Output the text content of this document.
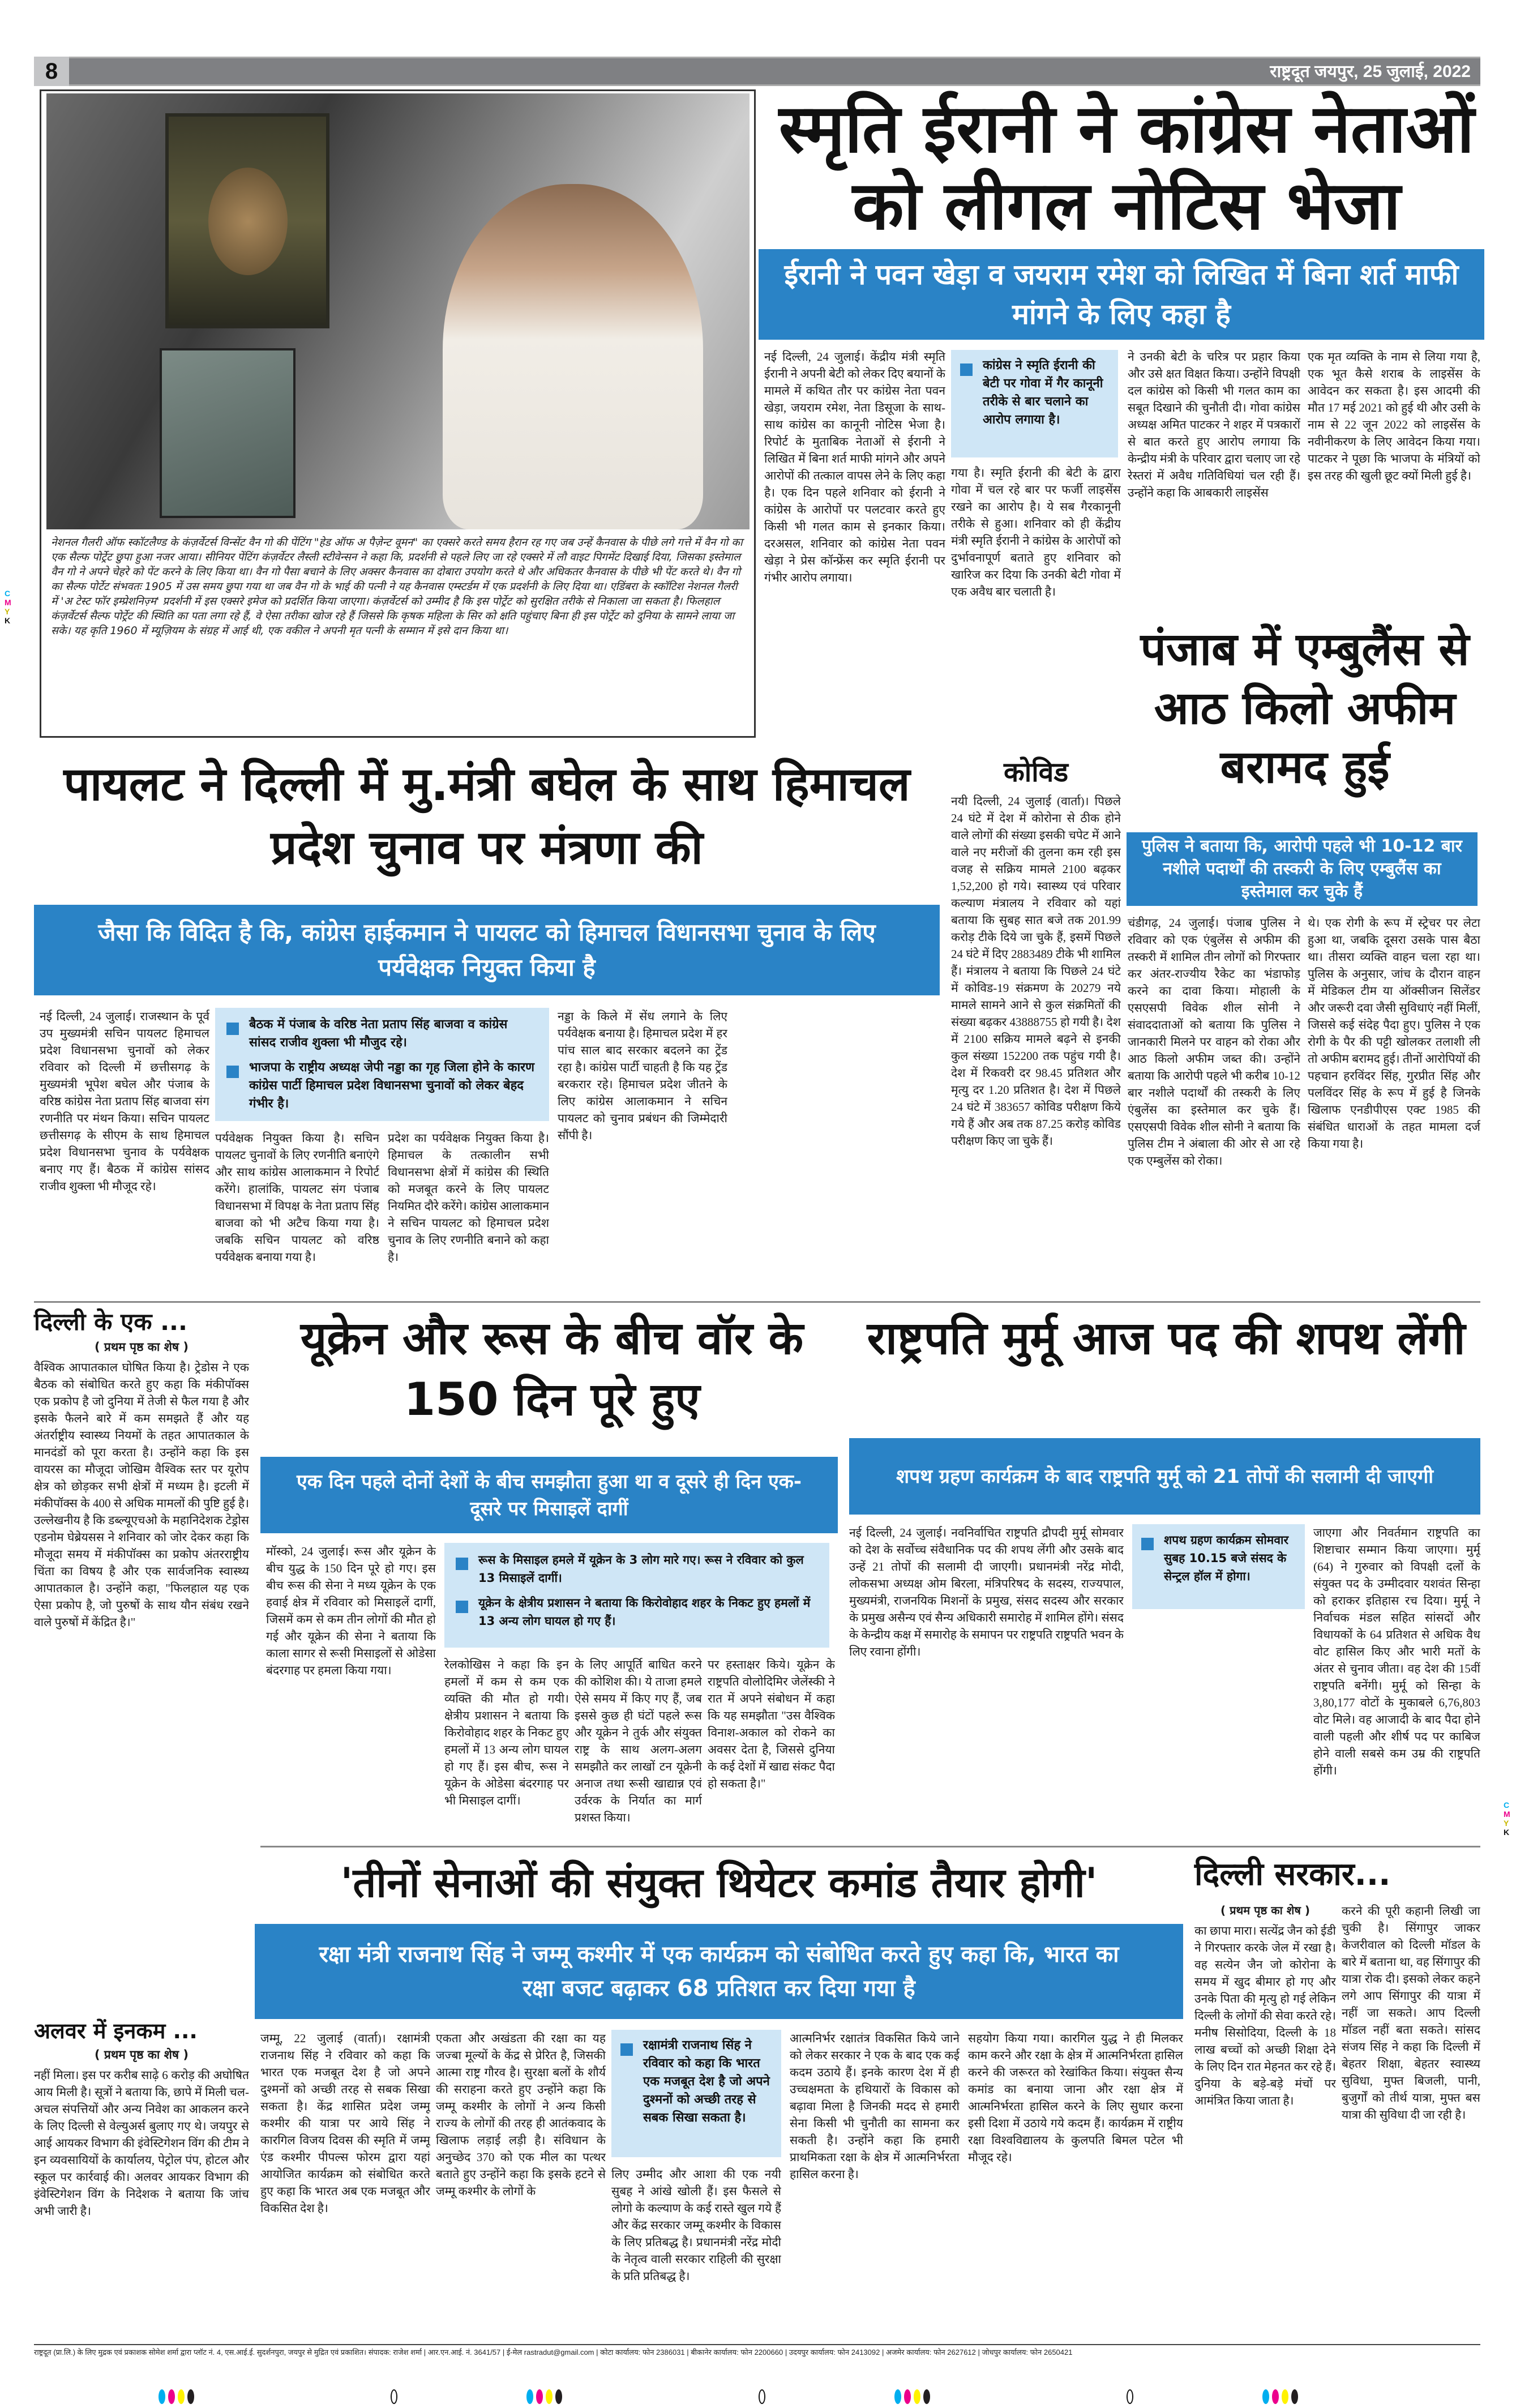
8	राष्ट्रदूत जयपुर, 25 जुलाई, 2022
C
M
Y
K
C
M
Y
K
नेशनल गैलरी ऑफ स्कॉटलैण्ड के कंज़र्वेटर्स विन्सेंट वैन गो की पेंटिंग "हेड ऑफ अ पैज़ेन्ट वूमन" का एक्सरे करते समय हैरान रह गए जब उन्हें कैनवास के पीछे लगे गत्ते में वैन गो का एक सैल्फ पोर्ट्रेट छुपा हुआ नजर आया। सीनियर पेंटिंग कंज़र्वेटर लैस्ली स्टीवेन्सन ने कहा कि, प्रदर्शनी से पहले लिए जा रहे एक्सरे में लौ वाइट पिगमेंट दिखाई दिया, जिसका इस्तेमाल वैन गो ने अपने चेहरे को पेंट करने के लिए किया था। वैन गो पैसा बचाने के लिए अक्सर कैनवास का दोबारा उपयोग करते थे और अधिकतर कैनवास के पीछे भी पेंट करते थे। वैन गो का सैल्फ पोर्टेट संभवतः 1905 में उस समय छुपा गया था जब वैन गो के भाई की पत्नी ने यह कैनवास एम्स्टर्डम में एक प्रदर्शनी के लिए दिया था। एडिंबरा के स्कॉटिश नेशनल गैलरी में 'अ टेस्ट फॉर इम्प्रेशनिज़्म' प्रदर्शनी में इस एक्सरे इमेज को प्रदर्शित किया जाएगा। कंज़र्वेटर्स को उम्मीद है कि इस पोर्ट्रेट को सुरक्षित तरीके से निकाला जा सकता है। फिलहाल कंज़र्वेटर्स सैल्फ पोर्ट्रेट की स्थिति का पता लगा रहे हैं, वे ऐसा तरीका खोज रहे हैं जिससे कि कृषक महिला के सिर को क्षति पहुंचाए बिना ही इस पोर्ट्रेट को दुनिया के सामने लाया जा सके। यह कृति 1960 में म्यूज़ियम के संग्रह में आई थी, एक वकील ने अपनी मृत पत्नी के सम्मान में इसे दान किया था।
स्मृति ईरानी ने कांग्रेस नेताओं को लीगल नोटिस भेजा
ईरानी ने पवन खेड़ा व जयराम रमेश को लिखित में बिना शर्त माफी मांगने के लिए कहा है
नई दिल्ली, 24 जुलाई। केंद्रीय मंत्री स्मृति ईरानी ने अपनी बेटी को लेकर दिए बयानों के मामले में कथित तौर पर कांग्रेस नेता पवन खेड़ा, जयराम रमेश, नेता डिसूजा के साथ-साथ कांग्रेस का कानूनी नोटिस भेजा है। रिपोर्ट के मुताबिक नेताओं से ईरानी ने लिखित में बिना शर्त माफी मांगने और अपने आरोपों की तत्काल वापस लेने के लिए कहा है। एक दिन पहले शनिवार को ईरानी ने कांग्रेस के आरोपों पर पलटवार करते हुए किसी भी गलत काम से इनकार किया। दरअसल, शनिवार को कांग्रेस नेता पवन खेड़ा ने प्रेस कॉन्फ्रेंस कर स्मृति ईरानी पर गंभीर आरोप लगाया।
कांग्रेस ने स्मृति ईरानी की बेटी पर गोवा में गैर कानूनी तरीके से बार चलाने का आरोप लगाया है।
गया है। स्मृति ईरानी की बेटी के द्वारा गोवा में चल रहे बार पर फर्जी लाइसेंस रखने का आरोप है। ये सब गैरकानूनी तरीके से हुआ। शनिवार को ही केंद्रीय मंत्री स्मृति ईरानी ने कांग्रेस के आरोपों को दुर्भावनापूर्ण बताते हुए शनिवार को खारिज कर दिया कि उनकी बेटी गोवा में एक अवैध बार चलाती है।
ने उनकी बेटी के चरित्र पर प्रहार किया और उसे क्षत विक्षत किया। उन्होंने विपक्षी दल कांग्रेस को किसी भी गलत काम का सबूत दिखाने की चुनौती दी। गोवा कांग्रेस अध्यक्ष अमित पाटकर ने शहर में पत्रकारों से बात करते हुए आरोप लगाया कि केन्द्रीय मंत्री के परिवार द्वारा चलाए जा रहे रेस्तरां में अवैध गतिविधियां चल रही हैं। उन्होंने कहा कि आबकारी लाइसेंस
एक मृत व्यक्ति के नाम से लिया गया है, एक भूत कैसे शराब के लाइसेंस के आवेदन कर सकता है। इस आदमी की मौत 17 मई 2021 को हुई थी और उसी के नाम से 22 जून 2022 को लाइसेंस के नवीनीकरण के लिए आवेदन किया गया। पाटकर ने पूछा कि भाजपा के मंत्रियों को इस तरह की खुली छूट क्यों मिली हुई है।
पंजाब में एम्बुलैंस से आठ किलो अफीम बरामद हुई
पुलिस ने बताया कि, आरोपी पहले भी 10-12 बार नशीले पदार्थों की तस्करी के लिए एम्बुलैंस का इस्तेमाल कर चुके हैं
चंडीगढ़, 24 जुलाई। पंजाब पुलिस ने रविवार को एक एंबुलेंस से अफीम की तस्करी में शामिल तीन लोगों को गिरफ्तार कर अंतर-राज्यीय रैकेट का भंडाफोड़ करने का दावा किया। मोहाली के एसएसपी विवेक शील सोनी ने संवाददाताओं को बताया कि पुलिस ने जानकारी मिलने पर वाहन को रोका और आठ किलो अफीम जब्त की। उन्होंने बताया कि आरोपी पहले भी करीब 10-12 बार नशीले पदार्थों की तस्करी के लिए एंबुलेंस का इस्तेमाल कर चुके हैं। एसएसपी विवेक शील सोनी ने बताया कि पुलिस टीम ने अंबाला की ओर से आ रहे एक एम्बुलेंस को रोका।
थे। एक रोगी के रूप में स्ट्रेचर पर लेटा हुआ था, जबकि दूसरा उसके पास बैठा था। तीसरा व्यक्ति वाहन चला रहा था। पुलिस के अनुसार, जांच के दौरान वाहन में मेडिकल टीम या ऑक्सीजन सिलेंडर और जरूरी दवा जैसी सुविधाएं नहीं मिलीं, जिससे कई संदेह पैदा हुए। पुलिस ने एक रोगी के पैर की पट्टी खोलकर तलाशी ली तो अफीम बरामद हुई। तीनों आरोपियों की पहचान हरविंदर सिंह, गुरप्रीत सिंह और पलविंदर सिंह के रूप में हुई है जिनके खिलाफ एनडीपीएस एक्ट 1985 की संबंधित धाराओं के तहत मामला दर्ज किया गया है।
कोविड
नयी दिल्ली, 24 जुलाई (वार्ता)। पिछले 24 घंटे में देश में कोरोना से ठीक होने वाले लोगों की संख्या इसकी चपेट में आने वाले नए मरीजों की तुलना कम रही इस वजह से सक्रिय मामले 2100 बढ़कर 1,52,200 हो गये। स्वास्थ्य एवं परिवार कल्याण मंत्रालय ने रविवार को यहां बताया कि सुबह सात बजे तक 201.99 करोड़ टीके दिये जा चुके हैं, इसमें पिछले 24 घंटे में दिए 2883489 टीके भी शामिल हैं। मंत्रालय ने बताया कि पिछले 24 घंटे में कोविड-19 संक्रमण के 20279 नये मामले सामने आने से कुल संक्रमितों की संख्या बढ़कर 43888755 हो गयी है। देश में 2100 सक्रिय मामले बढ़ने से इनकी कुल संख्या 152200 तक पहुंच गयी है। देश में रिकवरी दर 98.45 प्रतिशत और मृत्यु दर 1.20 प्रतिशत है। देश में पिछले 24 घंटे में 383657 कोविड परीक्षण किये गये हैं और अब तक 87.25 करोड़ कोविड परीक्षण किए जा चुके हैं।
पायलट ने दिल्ली में मु.मंत्री बघेल के साथ हिमाचल प्रदेश चुनाव पर मंत्रणा की
जैसा कि विदित है कि, कांग्रेस हाईकमान ने पायलट को हिमाचल विधानसभा चुनाव के लिए पर्यवेक्षक नियुक्त किया है
नई दिल्ली, 24 जुलाई। राजस्थान के पूर्व उप मुख्यमंत्री सचिन पायलट हिमाचल प्रदेश विधानसभा चुनावों को लेकर रविवार को दिल्ली में छत्तीसगढ़ के मुख्यमंत्री भूपेश बघेल और पंजाब के वरिष्ठ कांग्रेस नेता प्रताप सिंह बाजवा संग रणनीति पर मंथन किया। सचिन पायलट छत्तीसगढ़ के सीएम के साथ हिमाचल प्रदेश विधानसभा चुनाव के पर्यवेक्षक बनाए गए हैं। बैठक में कांग्रेस सांसद राजीव शुक्ला भी मौजूद रहे।
बैठक में पंजाब के वरिष्ठ नेता प्रताप सिंह बाजवा व कांग्रेस सांसद राजीव शुक्ला भी मौजुद रहे।
भाजपा के राष्ट्रीय अध्यक्ष जेपी नड्डा का गृह जिला होने के कारण कांग्रेस पार्टी हिमाचल प्रदेश विधानसभा चुनावों को लेकर बेहद गंभीर है।
पर्यवेक्षक नियुक्त किया है। सचिन पायलट चुनावों के लिए रणनीति बनाएंगे और साथ कांग्रेस आलाकमान ने रिपोर्ट करेंगे। हालांकि, पायलट संग पंजाब विधानसभा में विपक्ष के नेता प्रताप सिंह बाजवा को भी अटैच किया गया है। जबकि सचिन पायलट को वरिष्ठ पर्यवेक्षक बनाया गया है।
प्रदेश का पर्यवेक्षक नियुक्त किया है। हिमाचल के तत्कालीन सभी विधानसभा क्षेत्रों में कांग्रेस की स्थिति को मजबूत करने के लिए पायलट नियमित दौरे करेंगे। कांग्रेस आलाकमान ने सचिन पायलट को हिमाचल प्रदेश चुनाव के लिए रणनीति बनाने को कहा है।
नड्डा के किले में सेंध लगाने के लिए पर्यवेक्षक बनाया है। हिमाचल प्रदेश में हर पांच साल बाद सरकार बदलने का ट्रेंड रहा है। कांग्रेस पार्टी चाहती है कि यह ट्रेंड बरकरार रहे। हिमाचल प्रदेश जीतने के लिए कांग्रेस आलाकमान ने सचिन पायलट को चुनाव प्रबंधन की जिम्मेदारी सौंपी है।
दिल्ली के एक ...
( प्रथम पृष्ठ का शेष )
वैश्विक आपातकाल घोषित किया है। ट्रेडोस ने एक बैठक को संबोधित करते हुए कहा कि मंकीपॉक्स एक प्रकोप है जो दुनिया में तेजी से फैल गया है और इसके फैलने बारे में कम समझते हैं और यह अंतर्राष्ट्रीय स्वास्थ्य नियमों के तहत आपातकाल के मानदंडों को पूरा करता है। उन्होंने कहा कि इस वायरस का मौजूदा जोखिम वैश्विक स्तर पर यूरोप क्षेत्र को छोड़कर सभी क्षेत्रों में मध्यम है। इटली में मंकीपॉक्स के 400 से अधिक मामलों की पुष्टि हुई है। उल्लेखनीय है कि डब्ल्यूएचओ के महानिदेशक टेड्रोस एडनोम घेब्रेयसस ने शनिवार को जोर देकर कहा कि मौजूदा समय में मंकीपॉक्स का प्रकोप अंतरराष्ट्रीय चिंता का विषय है और एक सार्वजनिक स्वास्थ्य आपातकाल है। उन्होंने कहा, "फिलहाल यह एक ऐसा प्रकोप है, जो पुरुषों के साथ यौन संबंध रखने वाले पुरुषों में केंद्रित है।"
यूक्रेन और रूस के बीच वॉर के 150 दिन पूरे हुए
एक दिन पहले दोनों देशों के बीच समझौता हुआ था व दूसरे ही दिन एक-दूसरे पर मिसाइलें दागीं
मॉस्को, 24 जुलाई। रूस और यूक्रेन के बीच युद्ध के 150 दिन पूरे हो गए। इस बीच रूस की सेना ने मध्य यूक्रेन के एक हवाई क्षेत्र में रविवार को मिसाइलें दागीं, जिसमें कम से कम तीन लोगों की मौत हो गई और यूक्रेन की सेना ने बताया कि काला सागर से रूसी मिसाइलों से ओडेसा बंदरगाह पर हमला किया गया।
रूस के मिसाइल हमले में यूक्रेन के 3 लोग मारे गए। रूस ने रविवार को कुल 13 मिसाइलें दागीं।
यूक्रेन के क्षेत्रीय प्रशासन ने बताया कि किरोवोहाद शहर के निकट हुए हमलों में 13 अन्य लोग घायल हो गए हैं।
रेलकोखिस ने कहा कि इन हमलों में कम से कम एक व्यक्ति की मौत हो गयी। क्षेत्रीय प्रशासन ने बताया कि किरोवोहाद शहर के निकट हुए हमलों में 13 अन्य लोग घायल हो गए हैं। इस बीच, रूस ने यूक्रेन के ओडेसा बंदरगाह पर भी मिसाइल दागीं।
के लिए आपूर्ति बाधित करने की कोशिश की। ये ताजा हमले ऐसे समय में किए गए हैं, जब इससे कुछ ही घंटों पहले रूस और यूक्रेन ने तुर्क और संयुक्त राष्ट्र के साथ अलग-अलग समझौते कर लाखों टन यूक्रेनी अनाज तथा रूसी खाद्यान्न एवं उर्वरक के निर्यात का मार्ग प्रशस्त किया।
पर हस्ताक्षर किये। यूक्रेन के राष्ट्रपति वोलोदिमिर जेलेंस्की ने रात में अपने संबोधन में कहा कि यह समझौता "उस वैश्विक विनाश-अकाल को रोकने का अवसर देता है, जिससे दुनिया के कई देशों में खाद्य संकट पैदा हो सकता है।"
राष्ट्रपति मुर्मू आज पद की शपथ लेंगी
शपथ ग्रहण कार्यक्रम के बाद राष्ट्रपति मुर्मू को 21 तोपों की सलामी दी जाएगी
नई दिल्ली, 24 जुलाई। नवनिर्वाचित राष्ट्रपति द्रौपदी मुर्मू सोमवार को देश के सर्वोच्च संवैधानिक पद की शपथ लेंगी और उसके बाद उन्हें 21 तोपों की सलामी दी जाएगी। प्रधानमंत्री नरेंद्र मोदी, लोकसभा अध्यक्ष ओम बिरला, मंत्रिपरिषद के सदस्य, राज्यपाल, मुख्यमंत्री, राजनयिक मिशनों के प्रमुख, संसद सदस्य और सरकार के प्रमुख असैन्य एवं सैन्य अधिकारी समारोह में शामिल होंगे। संसद के केन्द्रीय कक्ष में समारोह के समापन पर राष्ट्रपति राष्ट्रपति भवन के लिए रवाना होंगी।
शपथ ग्रहण कार्यक्रम सोमवार सुबह 10.15 बजे संसद के सेन्ट्रल हॉल में होगा।
जाएगा और निवर्तमान राष्ट्रपति का शिष्टाचार सम्मान किया जाएगा। मुर्मू (64) ने गुरुवार को विपक्षी दलों के संयुक्त पद के उम्मीदवार यशवंत सिन्हा को हराकर इतिहास रच दिया। मुर्मू ने निर्वाचक मंडल सहित सांसदों और विधायकों के 64 प्रतिशत से अधिक वैध वोट हासिल किए और भारी मतों के अंतर से चुनाव जीता। वह देश की 15वीं राष्ट्रपति बनेंगी। मुर्मू को सिन्हा के 3,80,177 वोटों के मुकाबले 6,76,803 वोट मिले। वह आजादी के बाद पैदा होने वाली पहली और शीर्ष पद पर काबिज होने वाली सबसे कम उम्र की राष्ट्रपति होंगी।
'तीनों सेनाओं की संयुक्त थियेटर कमांड तैयार होगी'
रक्षा मंत्री राजनाथ सिंह ने जम्मू कश्मीर में एक कार्यक्रम को संबोधित करते हुए कहा कि, भारत का रक्षा बजट बढ़ाकर 68 प्रतिशत कर दिया गया है
जम्मू, 22 जुलाई (वार्ता)। रक्षामंत्री राजनाथ सिंह ने रविवार को कहा कि भारत एक मजबूत देश है जो अपने दुश्मनों को अच्छी तरह से सबक सिखा सकता है। केंद्र शासित प्रदेश जम्मू कश्मीर की यात्रा पर आये सिंह ने कारगिल विजय दिवस की स्मृति में जम्मू एंड कश्मीर पीपल्स फोरम द्वारा यहां आयोजित कार्यक्रम को संबोधित करते हुए कहा कि भारत अब एक मजबूत और विकसित देश है।
एकता और अखंडता की रक्षा का यह जज्बा मूल्यों के केंद्र से प्रेरित है, जिसकी आत्मा राष्ट्र गौरव है। सुरक्षा बलों के शौर्य की सराहना करते हुए उन्होंने कहा कि जम्मू कश्मीर के लोगों ने अन्य किसी राज्य के लोगों की तरह ही आतंकवाद के खिलाफ लड़ाई लड़ी है। संविधान के अनुच्छेद 370 को एक मील का पत्थर बताते हुए उन्होंने कहा कि इसके हटने से जम्मू कश्मीर के लोगों के
रक्षामंत्री राजनाथ सिंह ने रविवार को कहा कि भारत एक मजबूत देश है जो अपने दुश्मनों को अच्छी तरह से सबक सिखा सकता है।
लिए उम्मीद और आशा की एक नयी सुबह ने आंखे खोली हैं। इस फैसले से लोगो के कल्याण के कई रास्ते खुल गये हैं और केंद्र सरकार जम्मू कश्मीर के विकास के लिए प्रतिबद्ध है। प्रधानमंत्री नरेंद्र मोदी के नेतृत्व वाली सरकार राहिली की सुरक्षा के प्रति प्रतिबद्ध है।
आत्मनिर्भर रक्षातंत्र विकसित किये जाने को लेकर सरकार ने एक के बाद एक कई कदम उठाये हैं। इनके कारण देश में ही उच्चक्षमता के हथियारों के विकास को बढ़ावा मिला है जिनकी मदद से हमारी सेना किसी भी चुनौती का सामना कर सकती है। उन्होंने कहा कि हमारी प्राथमिकता रक्षा के क्षेत्र में आत्मनिर्भरता हासिल करना है।
सहयोग किया गया। कारगिल युद्ध ने ही मिलकर काम करने और रक्षा के क्षेत्र में आत्मनिर्भरता हासिल करने की जरूरत को रेखांकित किया। संयुक्त सैन्य कमांड का बनाया जाना और रक्षा क्षेत्र में आत्मनिर्भरता हासिल करने के लिए सुधार करना इसी दिशा में उठाये गये कदम हैं। कार्यक्रम में राष्ट्रीय रक्षा विश्वविद्यालय के कुलपति बिमल पटेल भी मौजूद रहे।
अलवर में इनकम ...
( प्रथम पृष्ठ का शेष )
नहीं मिला। इस पर करीब साढ़े 6 करोड़ की अघोषित आय मिली है। सूत्रों ने बताया कि, छापे में मिली चल-अचल संपत्तियों और अन्य निवेश का आकलन करने के लिए दिल्ली से वेल्युअर्स बुलाए गए थे। जयपुर से आई आयकर विभाग की इंवेस्टिगेशन विंग की टीम ने इन व्यवसायियों के कार्यालय, पेट्रोल पंप, होटल और स्कूल पर कार्रवाई की। अलवर आयकर विभाग की इंवेस्टिगेशन विंग के निदेशक ने बताया कि जांच अभी जारी है।
दिल्ली सरकार...
( प्रथम पृष्ठ का शेष )
का छापा मारा। सत्येंद्र जैन को ईडी ने गिरफ्तार करके जेल में रखा है। वह सत्येन जैन जो कोरोना के समय में खुद बीमार हो गए और उनके पिता की मृत्यु हो गई लेकिन दिल्ली के लोगों की सेवा करते रहे। मनीष सिसोदिया, दिल्ली के 18 लाख बच्चों को अच्छी शिक्षा देने के लिए दिन रात मेहनत कर रहे हैं। दुनिया के बड़े-बड़े मंचों पर आमंत्रित किया जाता है।
करने की पूरी कहानी लिखी जा चुकी है। सिंगापुर जाकर केजरीवाल को दिल्ली मॉडल के बारे में बताना था, वह सिंगापुर की यात्रा रोक दी। इसको लेकर कहने लगे आप सिंगापुर की यात्रा में नहीं जा सकते। आप दिल्ली मॉडल नहीं बता सकते। सांसद संजय सिंह ने कहा कि दिल्ली में बेहतर शिक्षा, बेहतर स्वास्थ्य सुविधा, मुफ्त बिजली, पानी, बुजुर्गों को तीर्थ यात्रा, मुफ्त बस यात्रा की सुविधा दी जा रही है।
राष्ट्रदूत (प्रा.लि.) के लिए मुद्रक एवं प्रकाशक सोमेश शर्मा द्वारा प्लॉट नं. 4, एस.आई.ई. सुदर्शनपुरा, जयपुर से मुद्रित एवं प्रकाशित। संपादक: राजेश शर्मा | आर.एन.आई. नं. 3641/57 | ई-मेल rastradut@gmail.com | कोटा कार्यालय: फोन 2386031 | बीकानेर कार्यालय: फोन 2200660 | उदयपुर कार्यालय: फोन 2413092 | अजमेर कार्यालय: फोन 2627612 | जोधपुर कार्यालय: फोन 2650421
